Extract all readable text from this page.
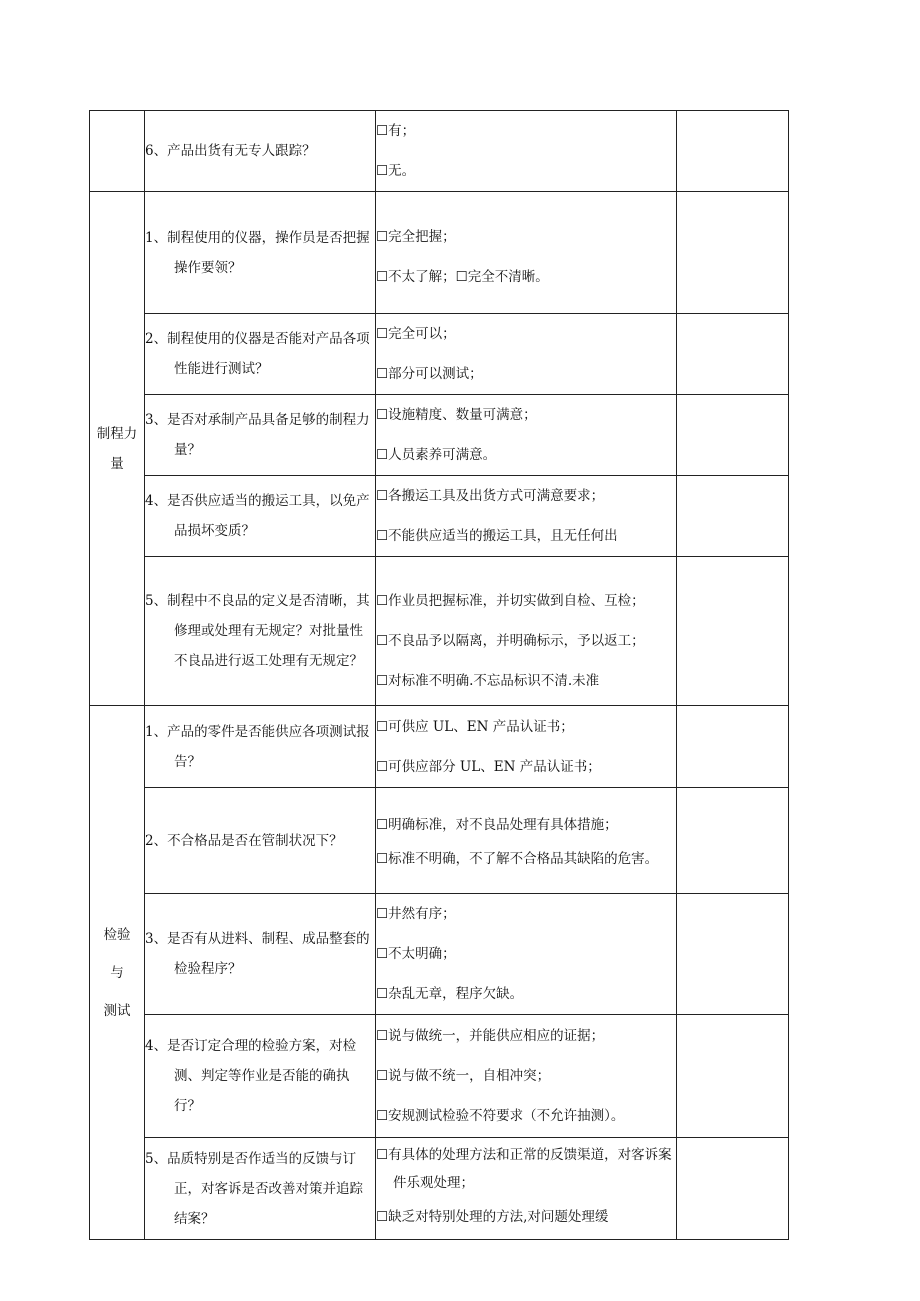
	6、产品出货有无专人跟踪？	☐有；
☐无。	

制程力
量	1、制程使用的仪器，操作员是否把握操作要领？	☐完全把握；
☐不太了解；☐完全不清晰。	

	2、制程使用的仪器是否能对产品各项性能进行测试？	☐完全可以；
☐部分可以测试；	

	3、是否对承制产品具备足够的制程力量？	☐设施精度、数量可满意；
☐人员素养可满意。	

	4、是否供应适当的搬运工具，以免产品损坏变质？	☐各搬运工具及出货方式可满意要求；
☐不能供应适当的搬运工具，且无任何出	

	5、制程中不良品的定义是否清晰，其修理或处理有无规定？对批量性不良品进行返工处理有无规定？	☐作业员把握标准，并切实做到自检、互检；
☐不良品予以隔离，并明确标示，予以返工；
☐对标准不明确.不忘品标识不清.未准	

检验
与
测试	1、产品的零件是否能供应各项测试报告？	☐可供应 UL、EN 产品认证书；
☐可供应部分 UL、EN 产品认证书；	

	2、不合格品是否在管制状况下？	☐明确标准，对不良品处理有具体措施；
☐标准不明确，不了解不合格品其缺陷的危害。	

	3、是否有从进料、制程、成品整套的检验程序？	☐井然有序；
☐不太明确；
☐杂乱无章，程序欠缺。	

	4、是否订定合理的检验方案，对检测、判定等作业是否能的确执行？	☐说与做统一，并能供应相应的证据；
☐说与做不统一，自相冲突；
☐安规测试检验不符要求（不允许抽测）。	

	5、品质特别是否作适当的反馈与订正，对客诉是否改善对策并追踪结案？	☐有具体的处理方法和正常的反馈渠道，对客诉案件乐观处理；
☐缺乏对特别处理的方法,对问题处理缓	
